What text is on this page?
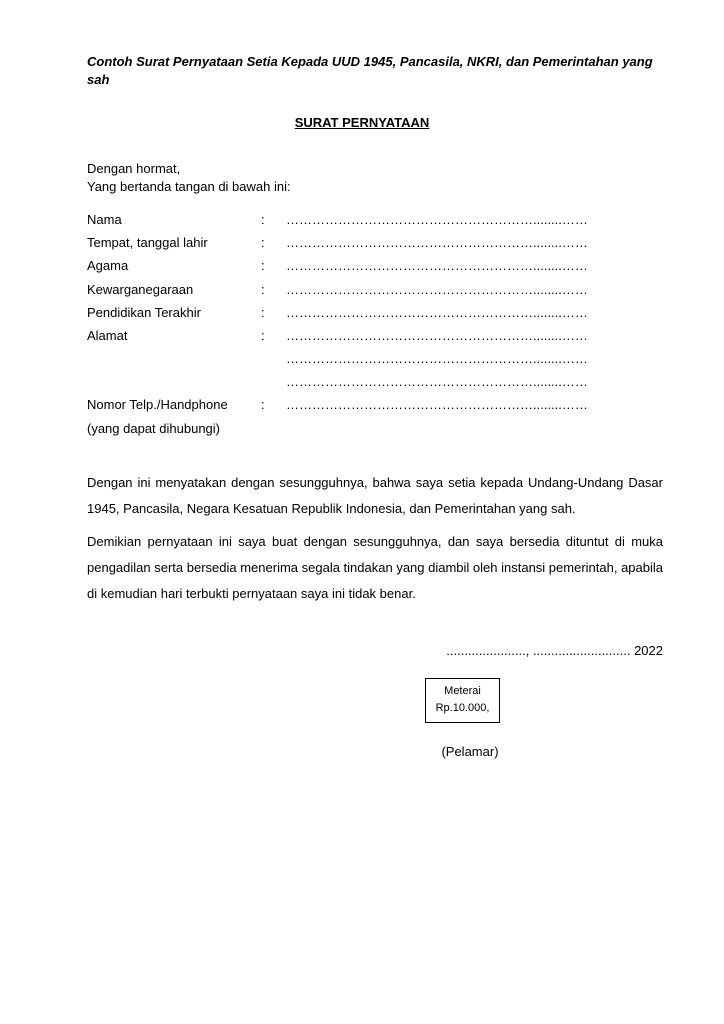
Contoh Surat Pernyataan Setia Kepada UUD 1945, Pancasila, NKRI, dan Pemerintahan yang sah
SURAT PERNYATAAN
Dengan hormat,
Yang bertanda tangan di bawah ini:
Nama	: …………………………………………………........……
Tempat, tanggal lahir	: …………………………………………………........……
Agama	: …………………………………………………........……
Kewarganegaraan	: …………………………………………………........……
Pendidikan Terakhir	: …………………………………………………........……
Alamat	: …………………………………………………........……
…………………………………………………........……
…………………………………………………........……
Nomor Telp./Handphone	: …………………………………………………........……
(yang dapat dihubungi)
Dengan ini menyatakan dengan sesungguhnya, bahwa saya setia kepada Undang-Undang Dasar 1945, Pancasila, Negara Kesatuan Republik Indonesia, dan Pemerintahan yang sah.
Demikian pernyataan ini saya buat dengan sesungguhnya, dan saya bersedia dituntut di muka pengadilan serta bersedia menerima segala tindakan yang diambil oleh instansi pemerintah, apabila di kemudian hari terbukti pernyataan saya ini tidak benar.
......................, ........................... 2022
Meterai
Rp.10.000,
(Pelamar)
